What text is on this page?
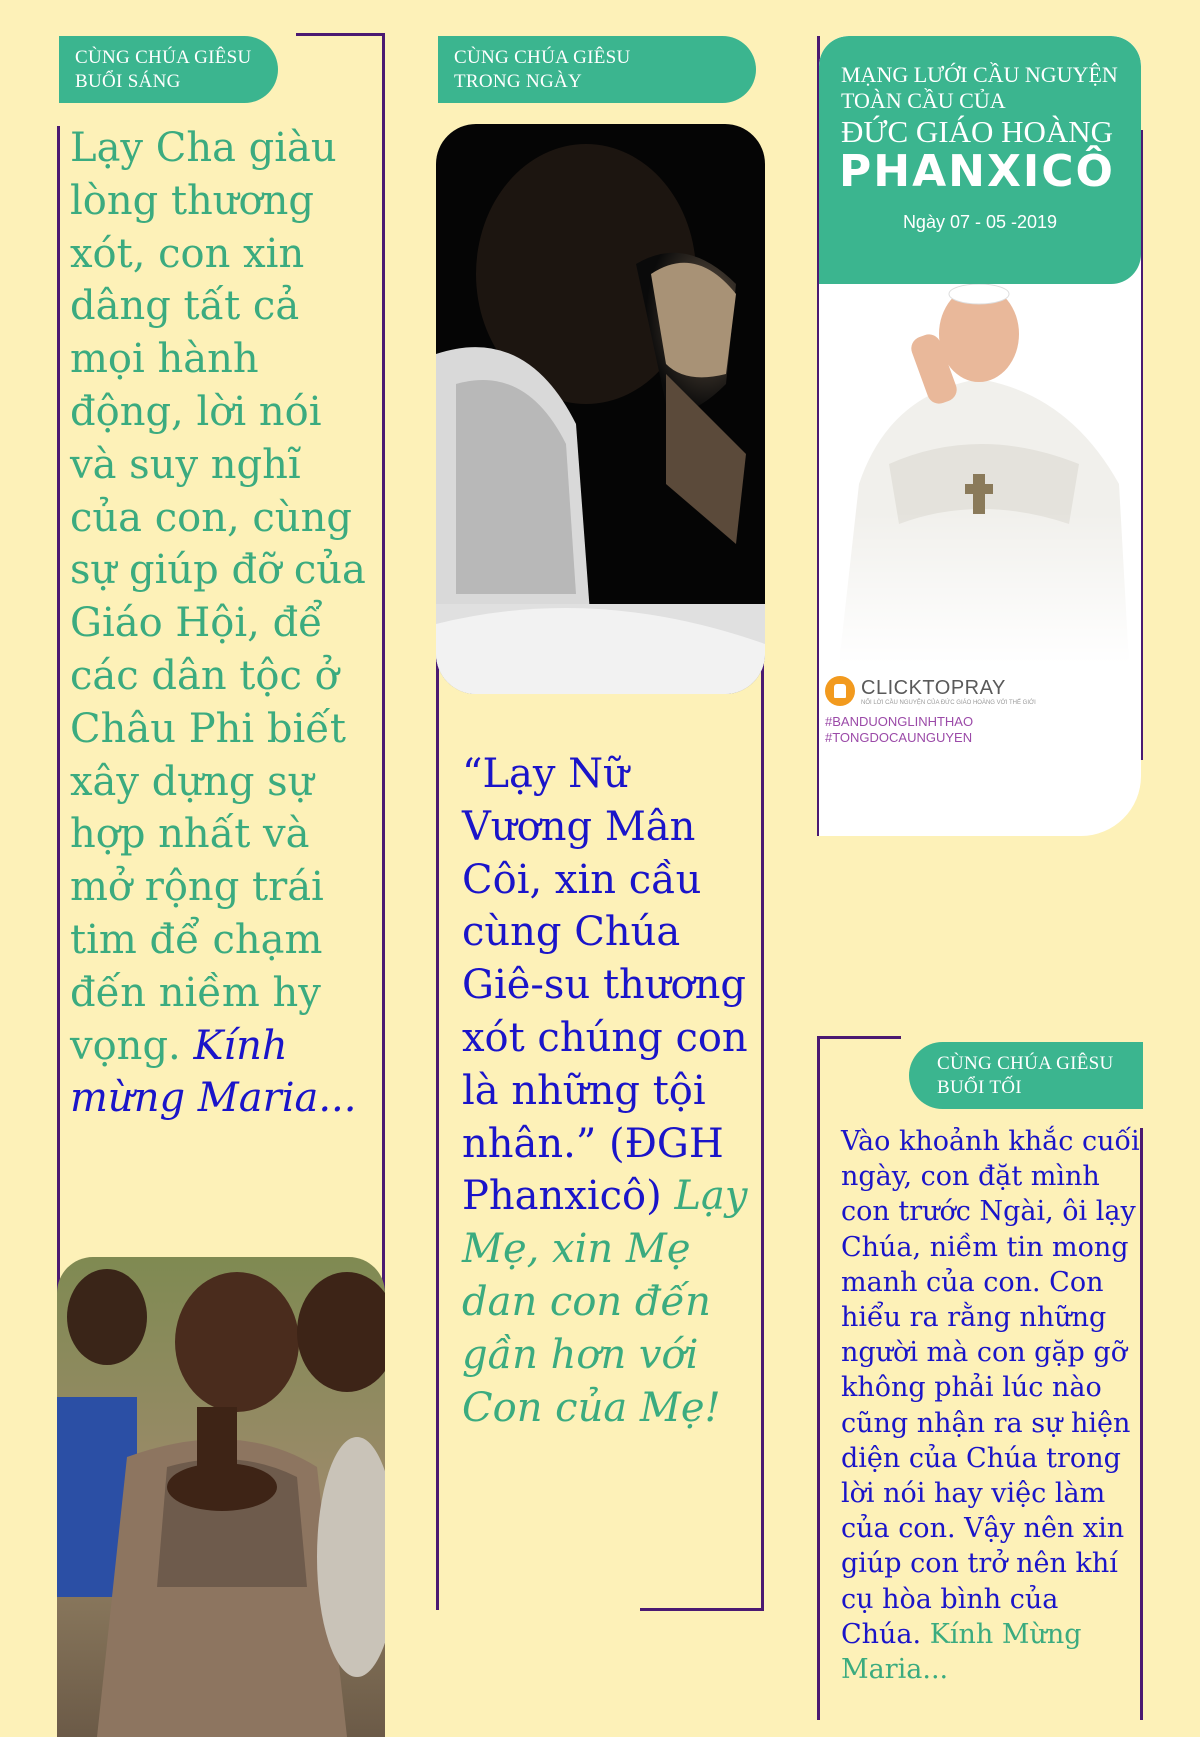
CÙNG CHÚA GIÊSU
BUỔI SÁNG

Lạy Cha giàu lòng thương xót, con xin dâng tất cả mọi hành động, lời nói và suy nghĩ của con, cùng sự giúp đỡ của Giáo Hội, để các dân tộc ở Châu Phi biết xây dựng sự hợp nhất và mở rộng trái tim để chạm đến niềm hy vọng. Kính mừng Maria...

CÙNG CHÚA GIÊSU
TRONG NGÀY

“Lạy Nữ Vương Mân Côi, xin cầu cùng Chúa Giê-su thương xót chúng con là những tội nhân.” (ĐGH Phanxicô) Lạy Mẹ, xin Mẹ dan con đến gần hơn với Con của Mẹ!

MẠNG LƯỚI CẦU NGUYỆN
TOÀN CẦU CỦA
ĐỨC GIÁO HOÀNG
PHANXICÔ
Ngày 07 - 05 -2019
CLICKTOPRAY
NỐI LỜI CẦU NGUYỆN CỦA ĐỨC GIÁO HOÀNG VỚI THẾ GIỚI
#BANDUONGLINHTHAO
#TONGDOCAUNGUYEN
CÙNG CHÚA GIÊSU
BUỔI TỐI

Vào khoảnh khắc cuối ngày, con đặt mình con trước Ngài, ôi lạy Chúa, niềm tin mong manh của con. Con hiểu ra rằng những người mà con gặp gỡ không phải lúc nào cũng nhận ra sự hiện diện của Chúa trong lời nói hay việc làm của con. Vậy nên xin giúp con trở nên khí cụ hòa bình của Chúa. Kính Mừng Maria...
